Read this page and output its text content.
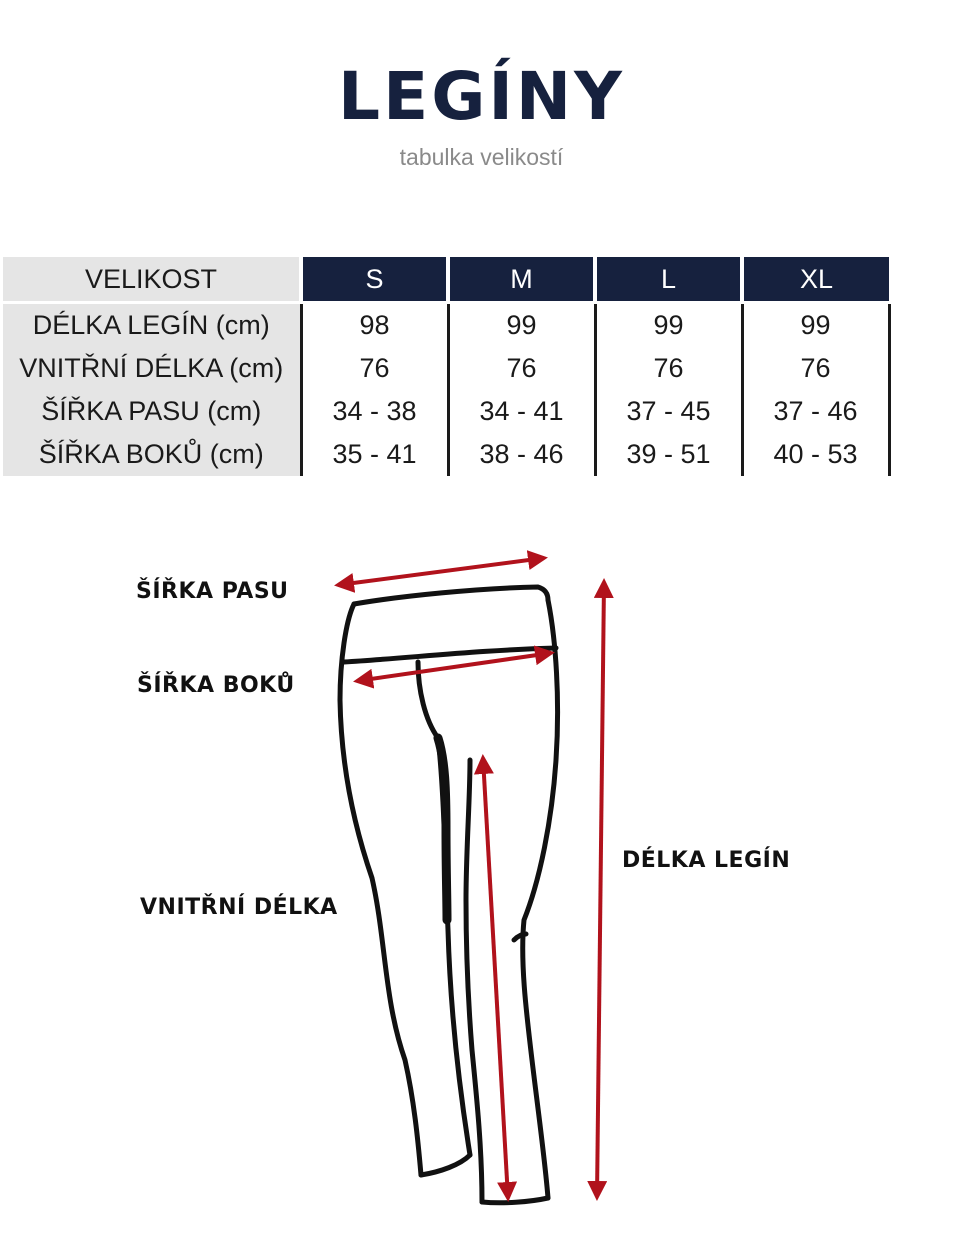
LEGÍNY
tabulka velikostí
VELIKOST	S	M	L	XL
DÉLKA LEGÍN (cm)	98	99	99	99
VNITŘNÍ DÉLKA (cm)	76	76	76	76
ŠÍŘKA PASU (cm)	34 - 38	34 - 41	37 - 45	37 - 46
ŠÍŘKA BOKŮ (cm)	35 - 41	38 - 46	39 - 51	40 - 53
ŠÍŘKA PASU
ŠÍŘKA BOKŮ
VNITŘNÍ DÉLKA
DÉLKA LEGÍN
